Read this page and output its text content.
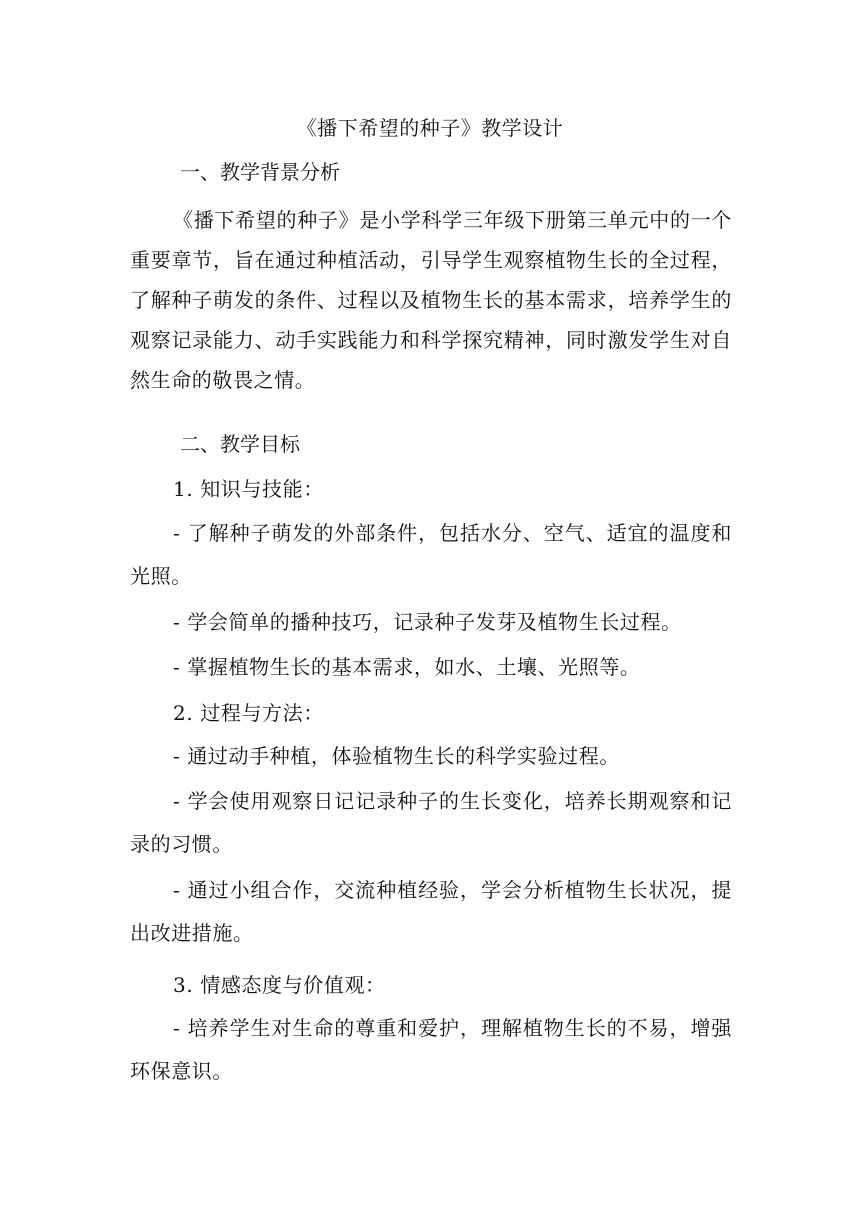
《播下希望的种子》教学设计
一、教学背景分析
《播下希望的种子》是小学科学三年级下册第三单元中的一个重要章节，旨在通过种植活动，引导学生观察植物生长的全过程，了解种子萌发的条件、过程以及植物生长的基本需求，培养学生的观察记录能力、动手实践能力和科学探究精神，同时激发学生对自然生命的敬畏之情。
二、教学目标
1. 知识与技能：
- 了解种子萌发的外部条件，包括水分、空气、适宜的温度和光照。
- 学会简单的播种技巧，记录种子发芽及植物生长过程。
- 掌握植物生长的基本需求，如水、土壤、光照等。
2. 过程与方法：
- 通过动手种植，体验植物生长的科学实验过程。
- 学会使用观察日记记录种子的生长变化，培养长期观察和记录的习惯。
- 通过小组合作，交流种植经验，学会分析植物生长状况，提出改进措施。
3. 情感态度与价值观：
- 培养学生对生命的尊重和爱护，理解植物生长的不易，增强环保意识。
